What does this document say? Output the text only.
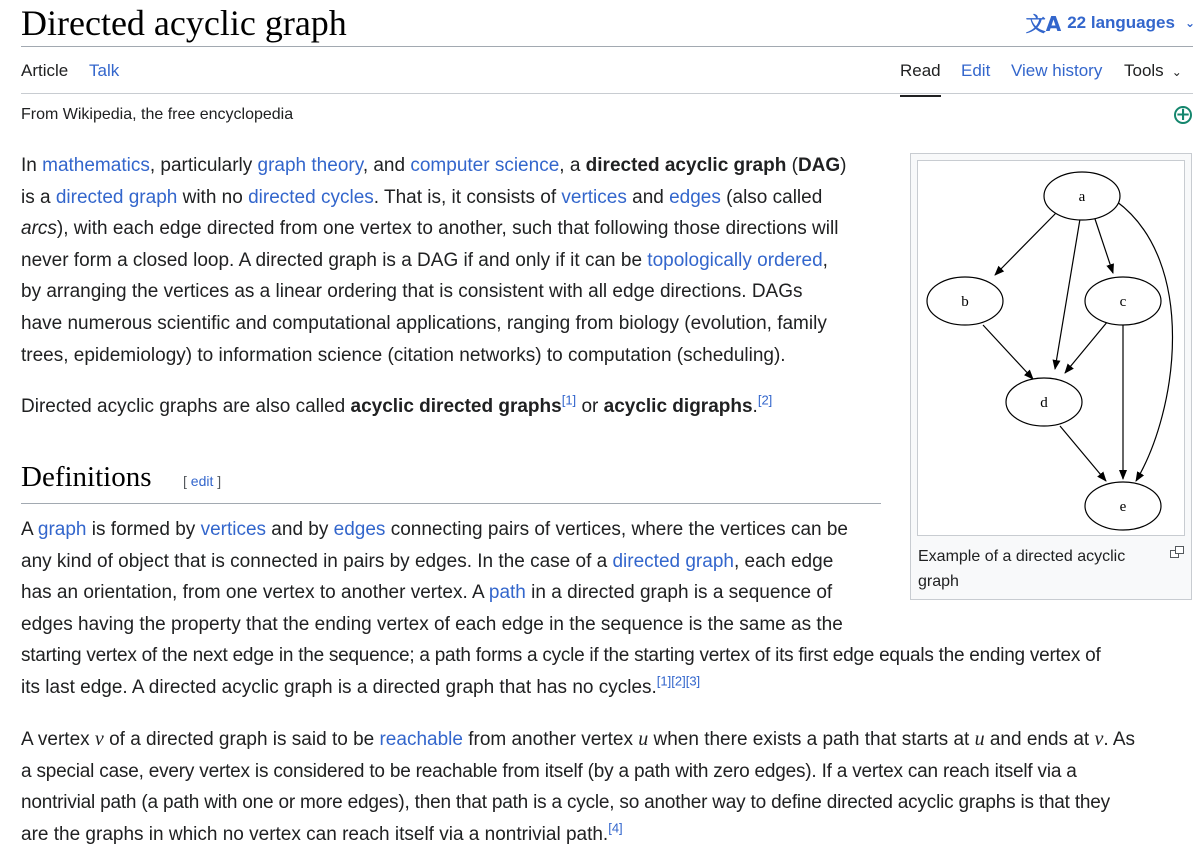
Directed acyclic graph	文A 22 languages ⌄
Article Talk	Read Edit View history Tools ⌄
From Wikipedia, the free encyclopedia	+
a
b	c
d
e
Example of a directed acyclic graph

In mathematics, particularly graph theory, and computer science, a directed acyclic graph (DAG)
is a directed graph with no directed cycles. That is, it consists of vertices and edges (also called
arcs), with each edge directed from one vertex to another, such that following those directions will
never form a closed loop. A directed graph is a DAG if and only if it can be topologically ordered,
by arranging the vertices as a linear ordering that is consistent with all edge directions. DAGs
have numerous scientific and computational applications, ranging from biology (evolution, family
trees, epidemiology) to information science (citation networks) to computation (scheduling).

Directed acyclic graphs are also called acyclic directed graphs[1] or acyclic digraphs.[2]

Definitions [ edit ]
A graph is formed by vertices and by edges connecting pairs of vertices, where the vertices can be
any kind of object that is connected in pairs by edges. In the case of a directed graph, each edge
has an orientation, from one vertex to another vertex. A path in a directed graph is a sequence of
edges having the property that the ending vertex of each edge in the sequence is the same as the
starting vertex of the next edge in the sequence; a path forms a cycle if the starting vertex of its first edge equals the ending vertex of
its last edge. A directed acyclic graph is a directed graph that has no cycles.[1][2][3]
A vertex v of a directed graph is said to be reachable from another vertex u when there exists a path that starts at u and ends at v. As
a special case, every vertex is considered to be reachable from itself (by a path with zero edges). If a vertex can reach itself via a
nontrivial path (a path with one or more edges), then that path is a cycle, so another way to define directed acyclic graphs is that they
are the graphs in which no vertex can reach itself via a nontrivial path.[4]
